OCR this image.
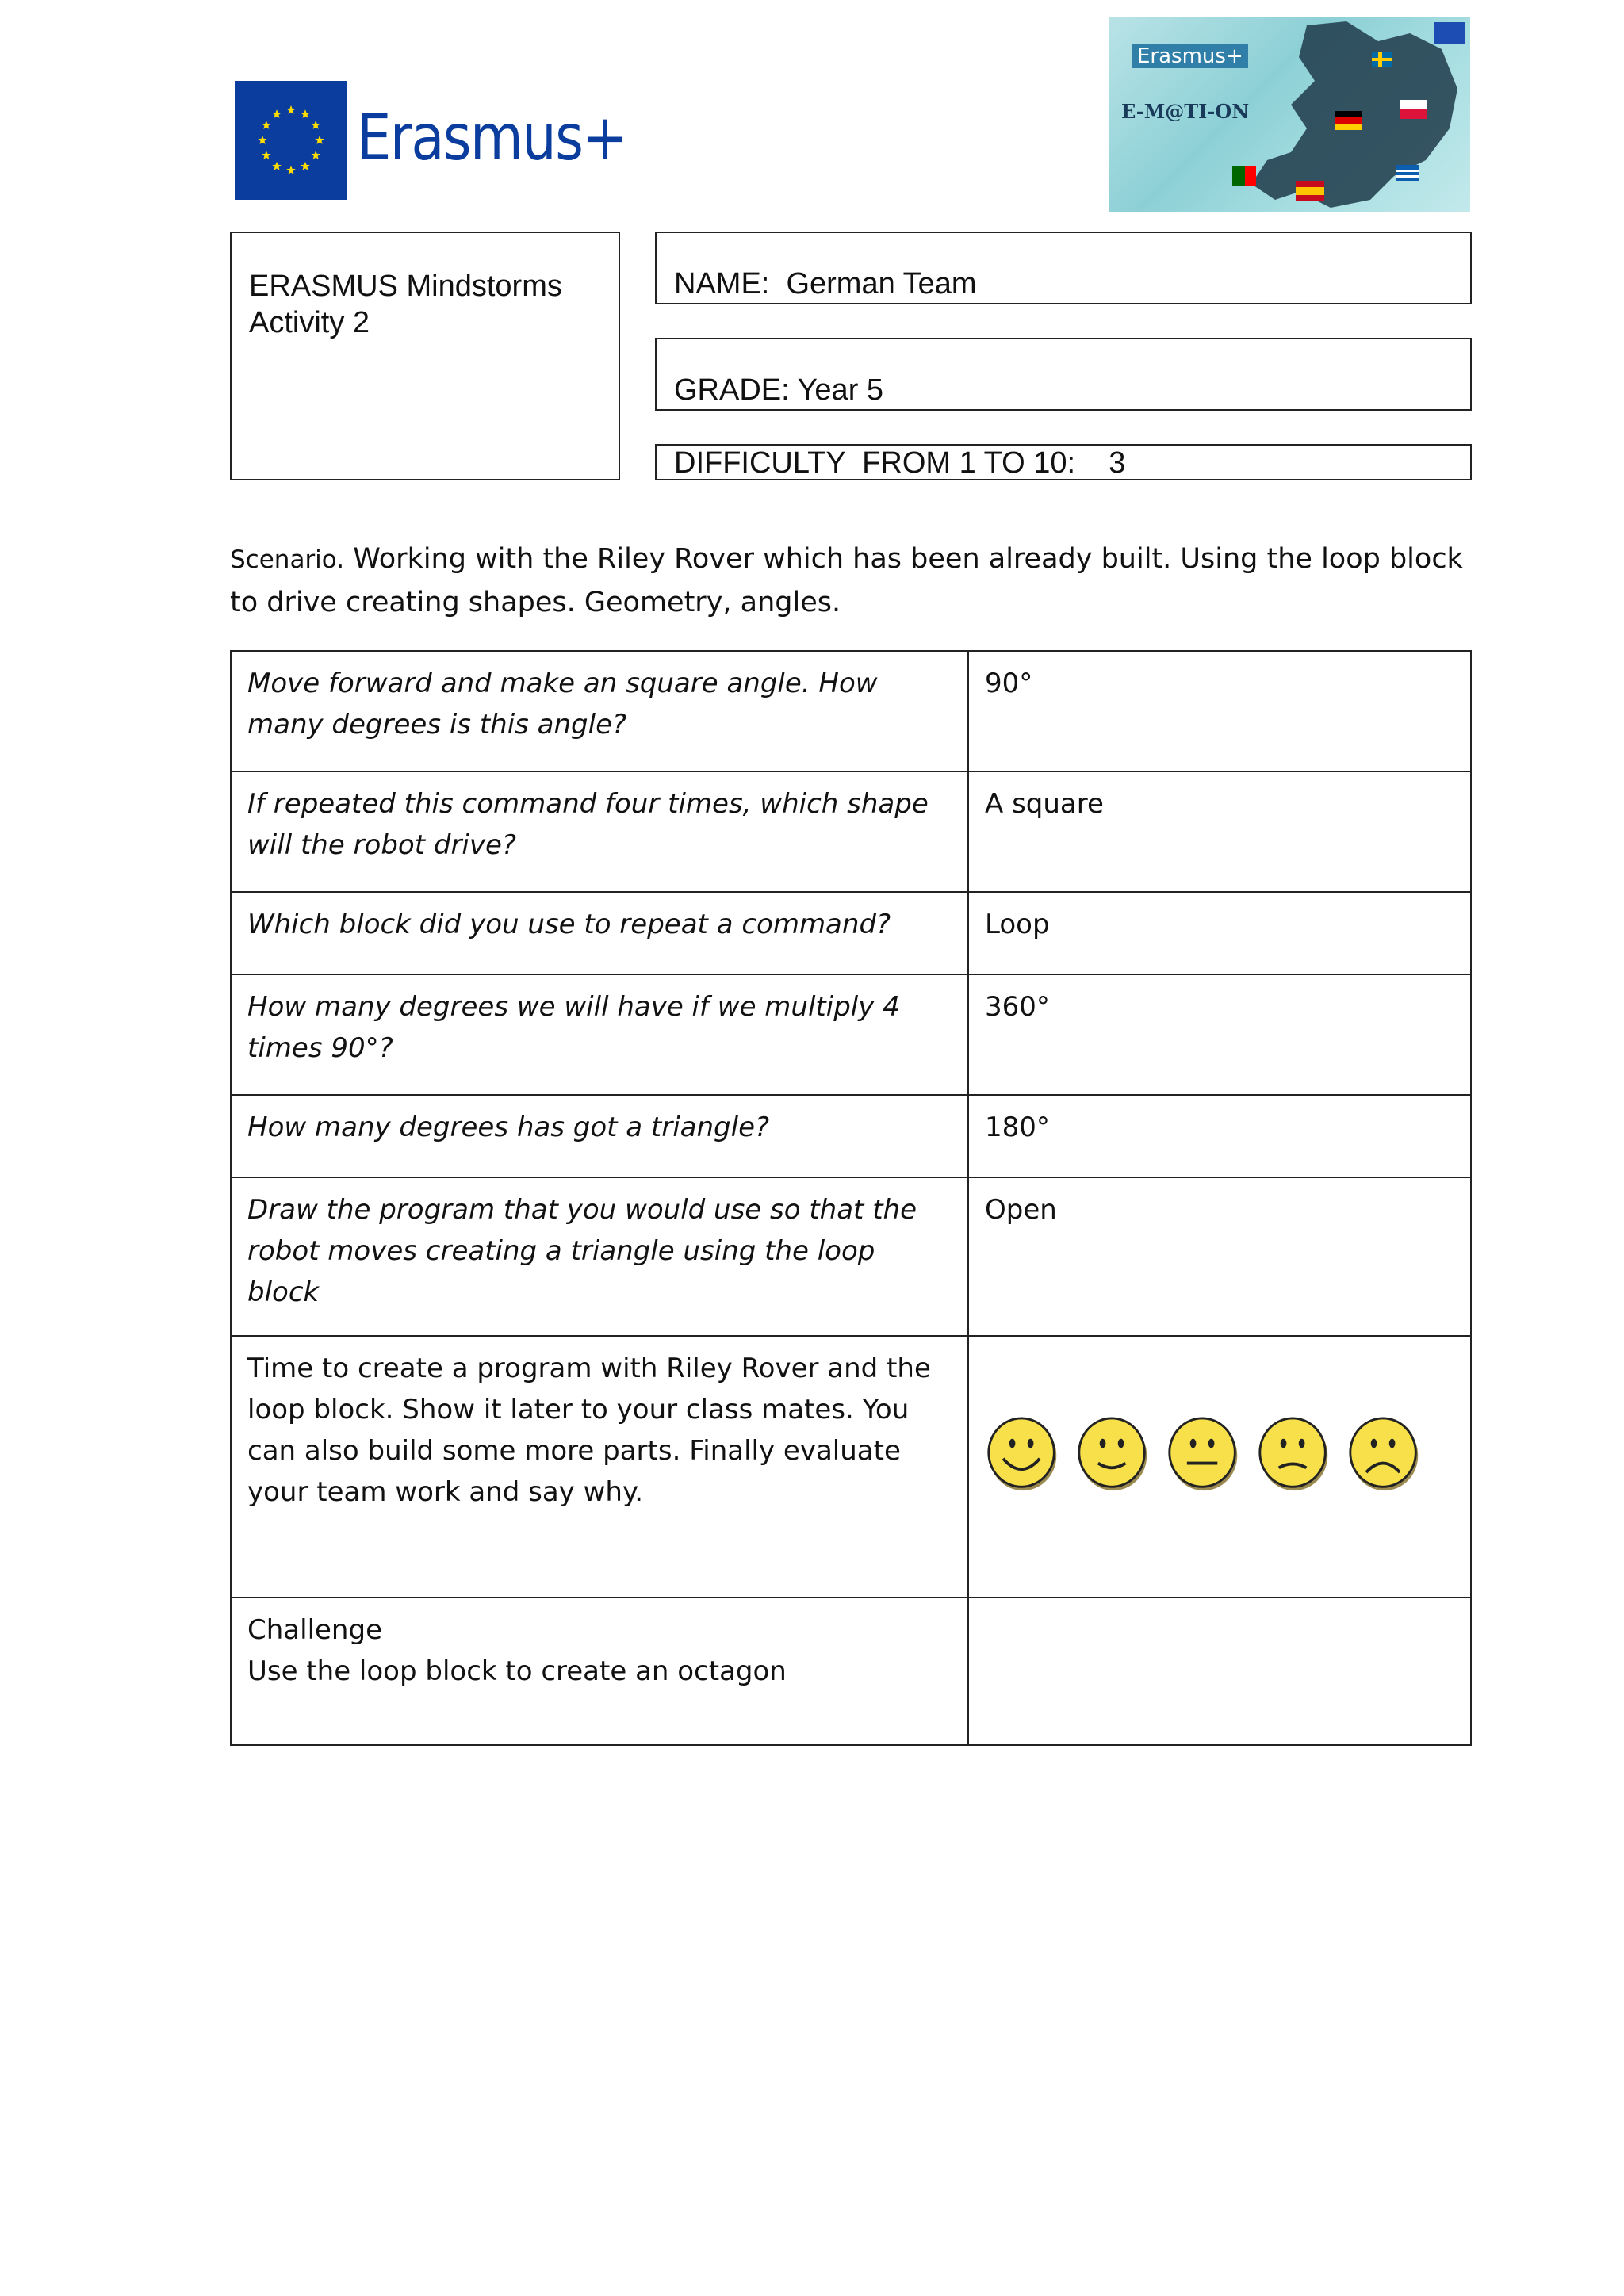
Erasmus+
Erasmus+
E-M@TI-ON
ERASMUS Mindstorms
Activity 2
NAME:  German Team
GRADE: Year 5
DIFFICULTY  FROM 1 TO 10:    3
Scenario. Working with the Riley Rover which has been already built. Using the loop block to drive creating shapes. Geometry, angles.
Move forward and make an square angle. How many degrees is this angle?	90°
If repeated this command four times, which shape will the robot drive?	A square
Which block did you use to repeat a command?	Loop
How many degrees we will have if we multiply 4 times 90°?	360°
How many degrees has got a triangle?	180°
Draw the program that you would use so that the robot moves creating a triangle using the loop block	Open
Time to create a program with Riley Rover and the loop block. Show it later to your class mates. You can also build some more parts. Finally evaluate your team work and say why.	

Challenge
Use the loop block to create an octagon	
